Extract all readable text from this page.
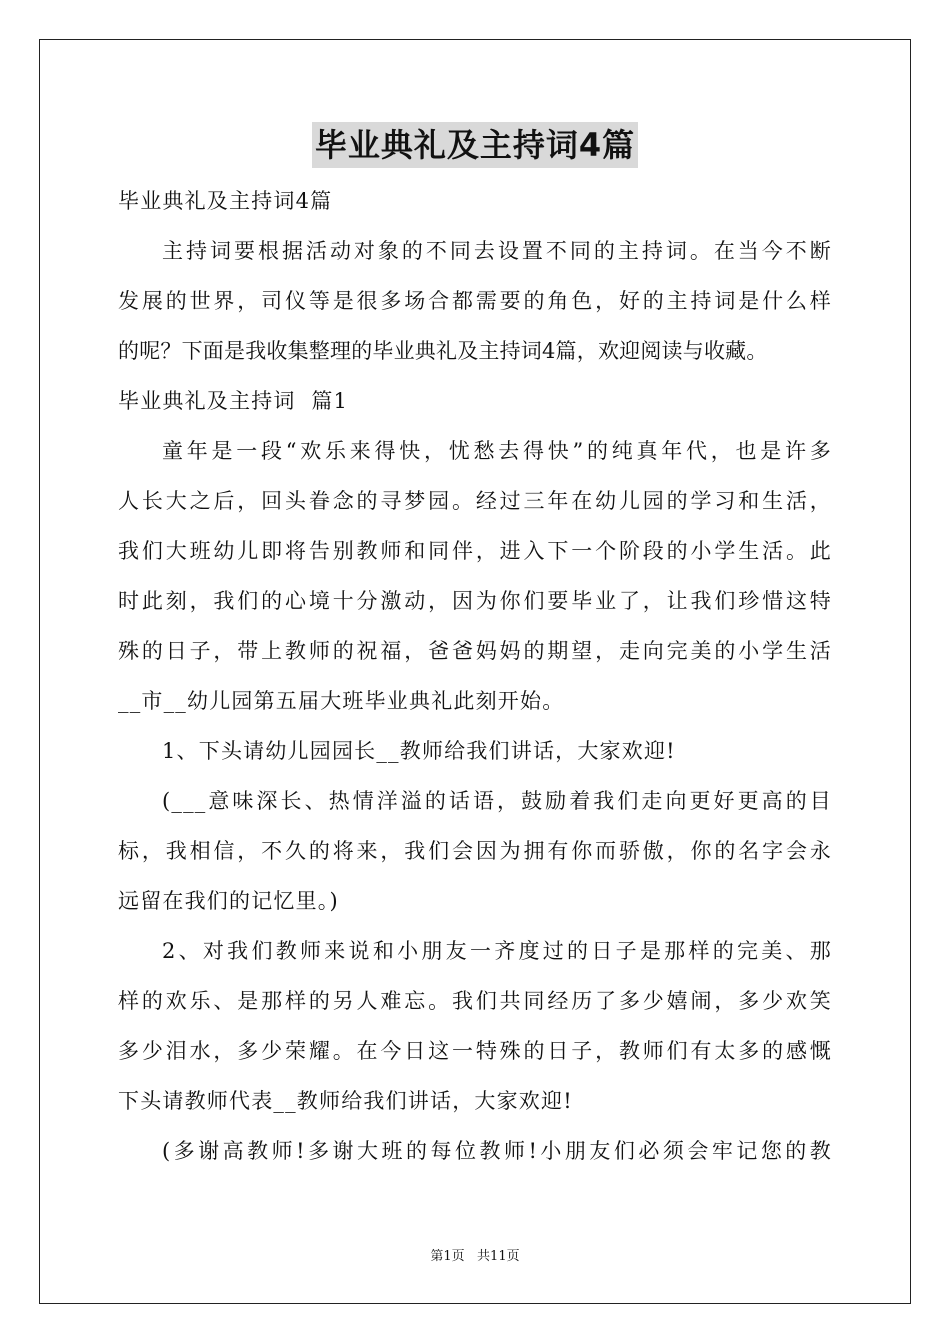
毕业典礼及主持词4篇
毕业典礼及主持词4篇
主持词要根据活动对象的不同去设置不同的主持词。在当今不断
发展的世界，司仪等是很多场合都需要的角色，好的主持词是什么样
的呢？下面是我收集整理的毕业典礼及主持词4篇，欢迎阅读与收藏。
毕业典礼及主持词  篇1
童年是一段“欢乐来得快，忧愁去得快”的纯真年代，也是许多
人长大之后，回头眷念的寻梦园。经过三年在幼儿园的学习和生活，
我们大班幼儿即将告别教师和同伴，进入下一个阶段的小学生活。此
时此刻，我们的心境十分激动，因为你们要毕业了，让我们珍惜这特
殊的日子，带上教师的祝福，爸爸妈妈的期望，走向完美的小学生活
__市__幼儿园第五届大班毕业典礼此刻开始。
1、下头请幼儿园园长__教师给我们讲话，大家欢迎!
(___意味深长、热情洋溢的话语，鼓励着我们走向更好更高的目
标，我相信，不久的将来，我们会因为拥有你而骄傲，你的名字会永
远留在我们的记忆里。)
2、对我们教师来说和小朋友一齐度过的日子是那样的完美、那
样的欢乐、是那样的另人难忘。我们共同经历了多少嬉闹，多少欢笑
多少泪水，多少荣耀。在今日这一特殊的日子，教师们有太多的感慨
下头请教师代表__教师给我们讲话，大家欢迎!
(多谢高教师!多谢大班的每位教师!小朋友们必须会牢记您的教
第1页   共11页
